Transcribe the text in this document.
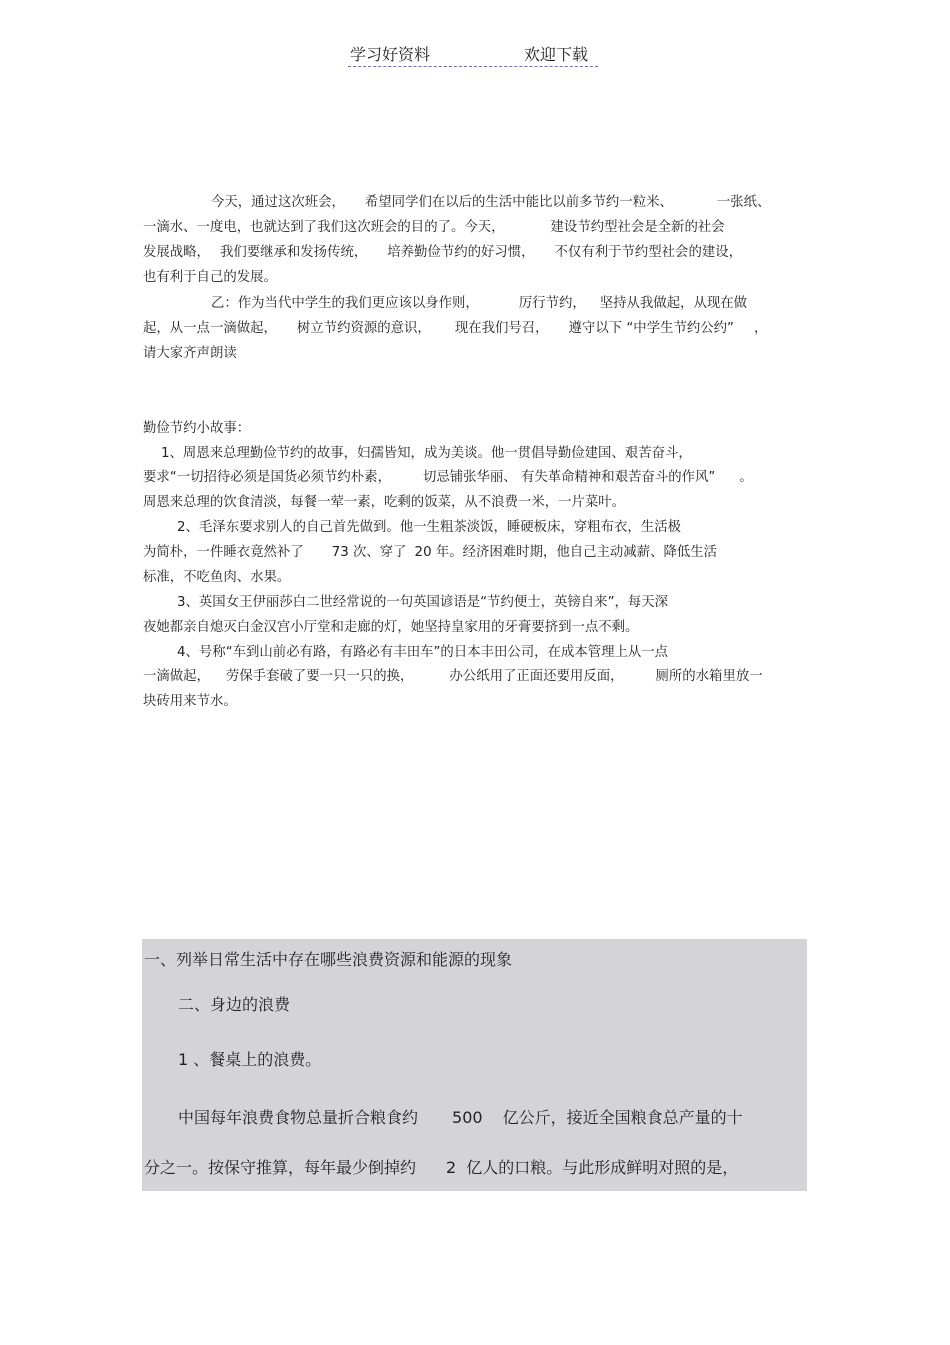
学习好资料	欢迎下载
今天，通过这次班会， 希望同学们在以后的生活中能比以前多节约一粒米、	一张纸、
一滴水、一度电，也就达到了我们这次班会的目的了。今天，	建设节约型社会是全新的社会
发展战略， 我们要继承和发扬传统， 培养勤俭节约的好习惯， 不仅有利于节约型社会的建设，
也有利于自己的发展。
乙：作为当代中学生的我们更应该以身作则，	厉行节约， 坚持从我做起，从现在做
起，从一点一滴做起， 树立节约资源的意识， 现在我们号召， 遵守以下 “中学生节约公约” ，
请大家齐声朗读
勤俭节约小故事：
1、周恩来总理勤俭节约的故事，妇孺皆知，成为美谈。他一贯倡导勤俭建国、艰苦奋斗，
要求“一切招待必须是国货必须节约朴素， 切忌铺张华丽、 有失革命精神和艰苦奋斗的作风” 。
周恩来总理的饮食清淡，每餐一荤一素，吃剩的饭菜，从不浪费一米，一片菜叶。
2、毛泽东要求别人的自己首先做到。他一生粗茶淡饭，睡硬板床，穿粗布衣，生活极
为简朴，一件睡衣竟然补了 73 次、穿了 20 年。经济困难时期，他自己主动减薪、降低生活
标准，不吃鱼肉、水果。
3、英国女王伊丽莎白二世经常说的一句英国谚语是“节约便士，英镑自来”，每天深
夜她都亲自熄灭白金汉宫小厅堂和走廊的灯，她坚持皇家用的牙膏要挤到一点不剩。
4、号称“车到山前必有路，有路必有丰田车”的日本丰田公司，在成本管理上从一点
一滴做起， 劳保手套破了要一只一只的换，	办公纸用了正面还要用反面， 厕所的水箱里放一
块砖用来节水。
一、列举日常生活中存在哪些浪费资源和能源的现象
二、身边的浪费
1 、餐桌上的浪费。
中国每年浪费食物总量折合粮食约 500 亿公斤，接近全国粮食总产量的十
分之一。按保守推算，每年最少倒掉约 2 亿人的口粮。与此形成鲜明对照的是，
